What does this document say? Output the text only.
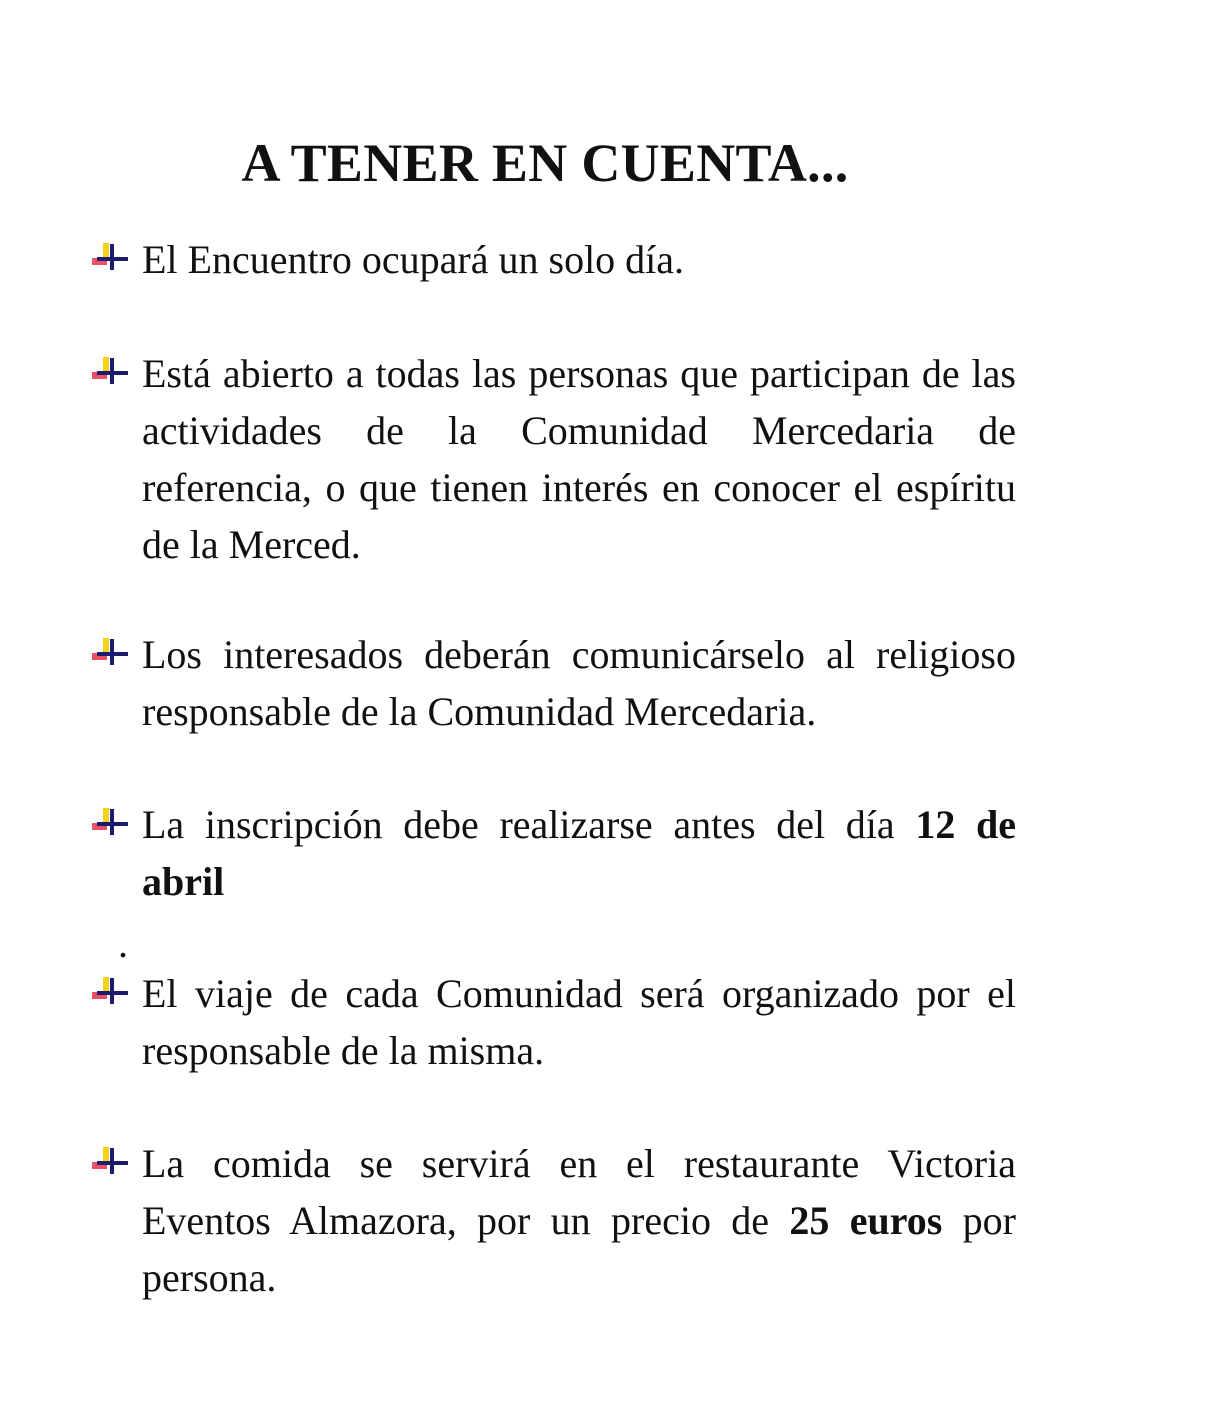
A TENER EN CUENTA...
El Encuentro ocupará un solo día.
Está abierto a todas las personas que participan de las actividades de la Comunidad Mercedaria de referencia, o que tienen interés en conocer el espíritu de la Merced.
Los interesados deberán comunicárselo al religioso responsable de la Comunidad Mercedaria.
La inscripción debe realizarse antes del día 12 de abril
.
El viaje de cada Comunidad será organizado por el responsable de la misma.
La comida se servirá en el restaurante Victoria Eventos Almazora, por un precio de 25 euros por persona.
